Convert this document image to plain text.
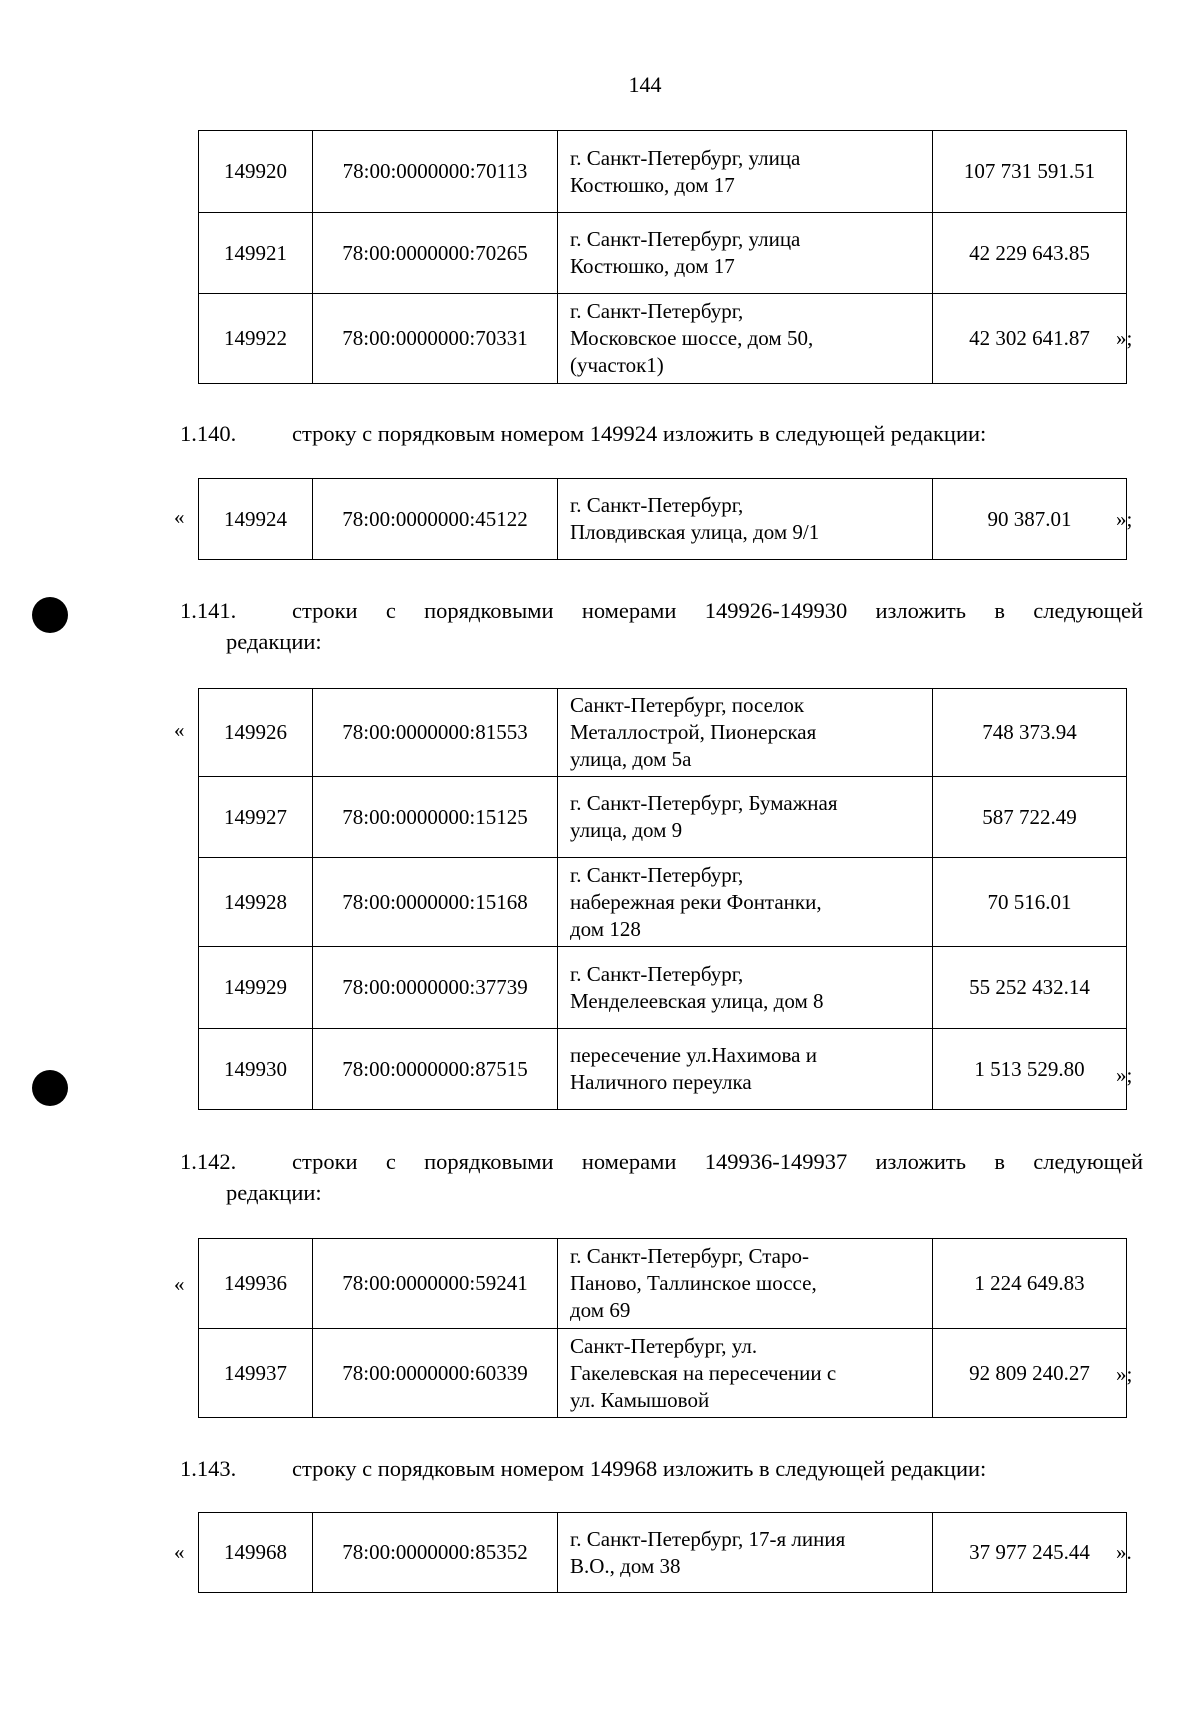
144
149920	78:00:0000000:70113	г. Санкт-Петербург, улица
Костюшко, дом 17	107 731 591.51
149921	78:00:0000000:70265	г. Санкт-Петербург, улица
Костюшко, дом 17	42 229 643.85
149922	78:00:0000000:70331	г. Санкт-Петербург,
Московское шоссе, дом 50,
(участок1)	42 302 641.87 »;
1.140. строку с порядковым номером 149924 изложить в следующей редакции:
« 149924	78:00:0000000:45122	г. Санкт-Петербург,
Пловдивская улица, дом 9/1	90 387.01 »;
1.141. строки с порядковыми номерами 149926-149930 изложить в следующей
редакции:
« 149926	78:00:0000000:81553	Санкт-Петербург, поселок
Металлострой, Пионерская
улица, дом 5а	748 373.94
149927	78:00:0000000:15125	г. Санкт-Петербург, Бумажная
улица, дом 9	587 722.49
149928	78:00:0000000:15168	г. Санкт-Петербург,
набережная реки Фонтанки,
дом 128	70 516.01
149929	78:00:0000000:37739	г. Санкт-Петербург,
Менделеевская улица, дом 8	55 252 432.14
149930	78:00:0000000:87515	пересечение ул.Нахимова и
Наличного переулка	1 513 529.80 »;
1.142. строки с порядковыми номерами 149936-149937 изложить в следующей
редакции:
« 149936	78:00:0000000:59241	г. Санкт-Петербург, Старо-
Паново, Таллинское шоссе,
дом 69	1 224 649.83
149937	78:00:0000000:60339	Санкт-Петербург, ул.
Гакелевская на пересечении с
ул. Камышовой	92 809 240.27 »;
1.143. строку с порядковым номером 149968 изложить в следующей редакции:
« 149968	78:00:0000000:85352	г. Санкт-Петербург, 17-я линия
В.О., дом 38	37 977 245.44 ».
